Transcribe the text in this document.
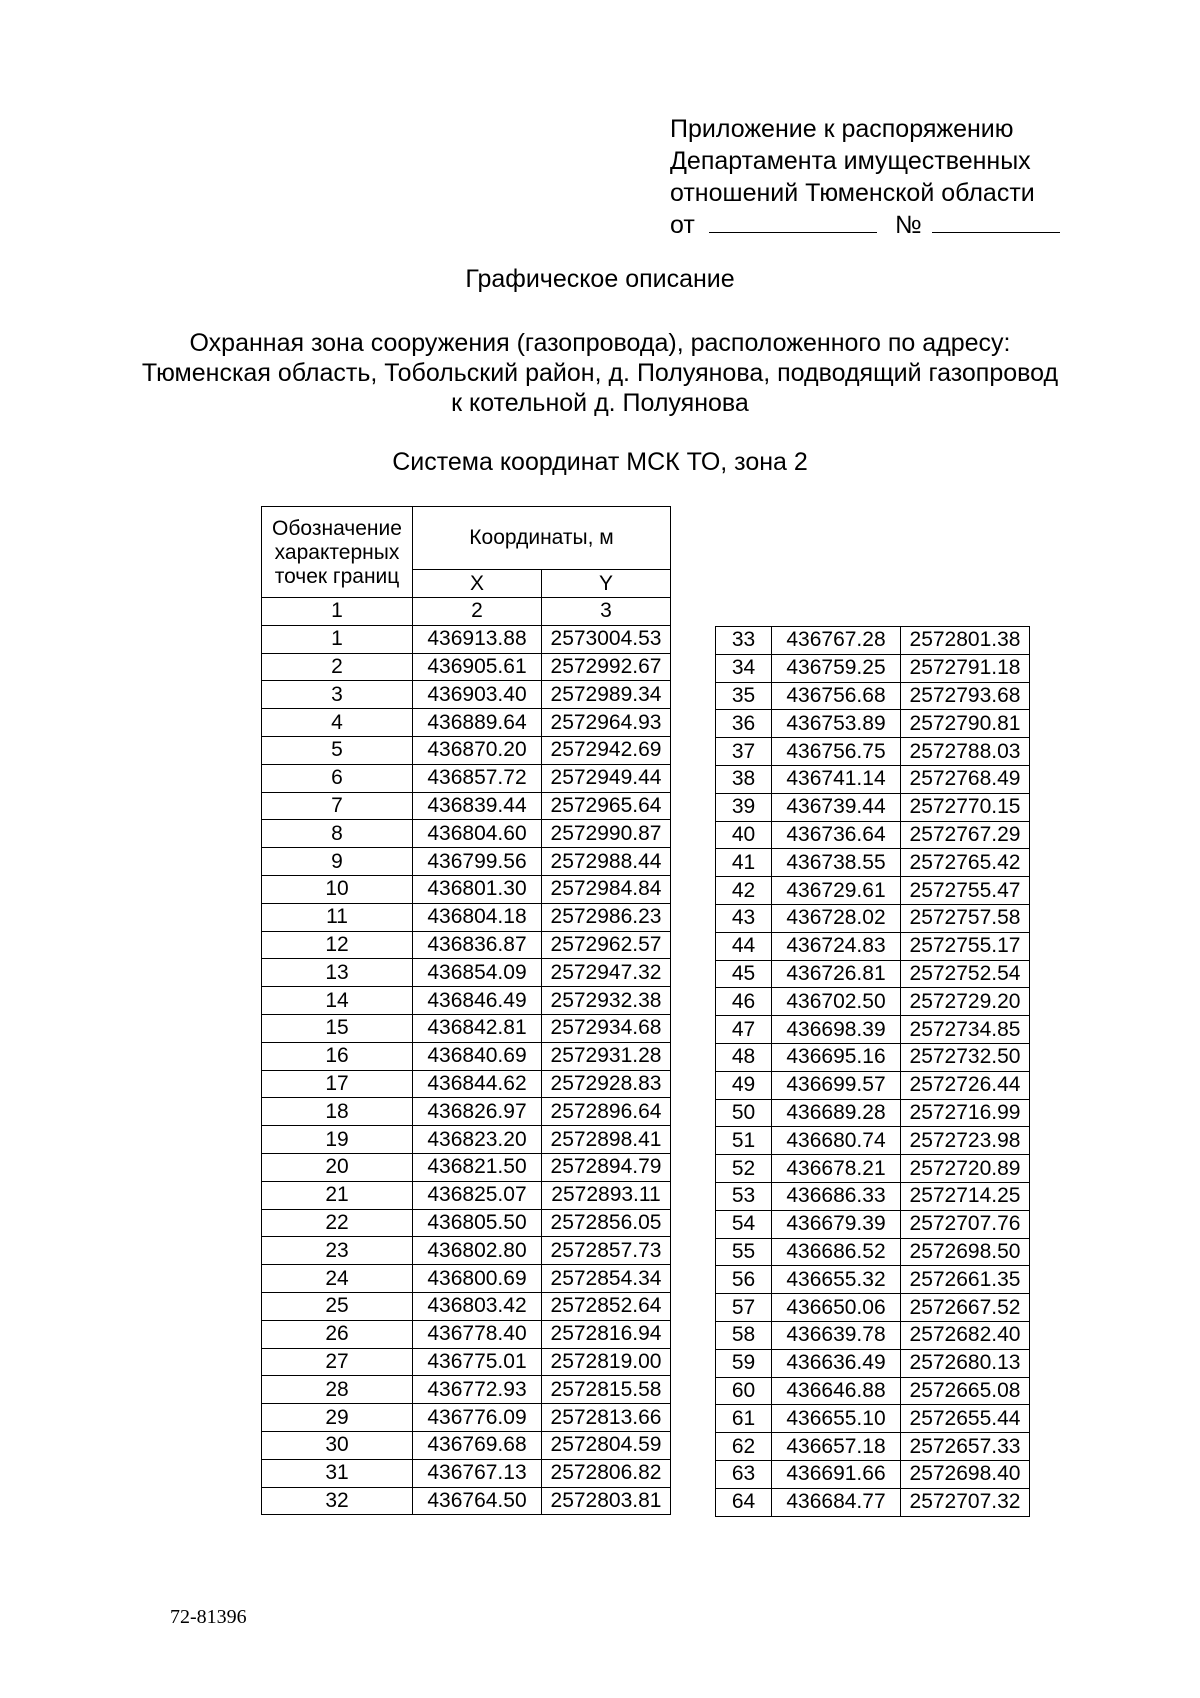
Приложение к распоряжению
Департамента имущественных
отношений Тюменской области
от	№
Графическое описание
Охранная зона сооружения (газопровода), расположенного по адресу:
Тюменская область, Тобольский район, д. Полуянова, подводящий газопровод
к котельной д. Полуянова
Система координат МСК ТО, зона 2
Обозначение
характерных
точек границ	Координаты, м	
	X	Y
1	2	3
1	436913.88	2573004.53
2	436905.61	2572992.67
3	436903.40	2572989.34
4	436889.64	2572964.93
5	436870.20	2572942.69
6	436857.72	2572949.44
7	436839.44	2572965.64
8	436804.60	2572990.87
9	436799.56	2572988.44
10	436801.30	2572984.84
11	436804.18	2572986.23
12	436836.87	2572962.57
13	436854.09	2572947.32
14	436846.49	2572932.38
15	436842.81	2572934.68
16	436840.69	2572931.28
17	436844.62	2572928.83
18	436826.97	2572896.64
19	436823.20	2572898.41
20	436821.50	2572894.79
21	436825.07	2572893.11
22	436805.50	2572856.05
23	436802.80	2572857.73
24	436800.69	2572854.34
25	436803.42	2572852.64
26	436778.40	2572816.94
27	436775.01	2572819.00
28	436772.93	2572815.58
29	436776.09	2572813.66
30	436769.68	2572804.59
31	436767.13	2572806.82
32	436764.50	2572803.81
33	436767.28	2572801.38
34	436759.25	2572791.18
35	436756.68	2572793.68
36	436753.89	2572790.81
37	436756.75	2572788.03
38	436741.14	2572768.49
39	436739.44	2572770.15
40	436736.64	2572767.29
41	436738.55	2572765.42
42	436729.61	2572755.47
43	436728.02	2572757.58
44	436724.83	2572755.17
45	436726.81	2572752.54
46	436702.50	2572729.20
47	436698.39	2572734.85
48	436695.16	2572732.50
49	436699.57	2572726.44
50	436689.28	2572716.99
51	436680.74	2572723.98
52	436678.21	2572720.89
53	436686.33	2572714.25
54	436679.39	2572707.76
55	436686.52	2572698.50
56	436655.32	2572661.35
57	436650.06	2572667.52
58	436639.78	2572682.40
59	436636.49	2572680.13
60	436646.88	2572665.08
61	436655.10	2572655.44
62	436657.18	2572657.33
63	436691.66	2572698.40
64	436684.77	2572707.32
72-81396
